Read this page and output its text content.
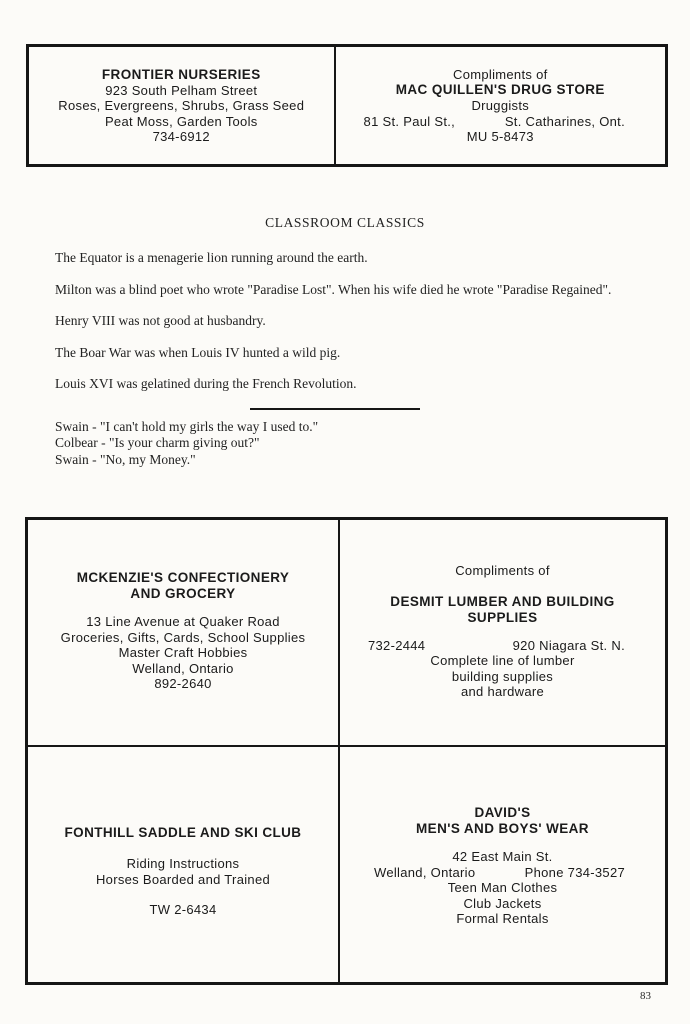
FRONTIER NURSERIES
923 South Pelham Street
Roses, Evergreens, Shrubs, Grass Seed
Peat Moss, Garden Tools
734-6912
Compliments of
MAC QUILLEN'S DRUG STORE
Druggists
81 St. Paul St.,	St. Catharines, Ont.
MU 5-8473
CLASSROOM CLASSICS

The Equator is a menagerie lion running around the earth.

Milton was a blind poet who wrote "Paradise Lost". When his wife died he wrote "Paradise Regained".

Henry VIII was not good at husbandry.

The Boar War was when Louis IV hunted a wild pig.

Louis XVI was gelatined during the French Revolution.

Swain - "I can't hold my girls the way I used to."
Colbear - "Is your charm giving out?"
Swain - "No, my Money."
MCKENZIE'S CONFECTIONERY
AND GROCERY
13 Line Avenue at Quaker Road
Groceries, Gifts, Cards, School Supplies
Master Craft Hobbies
Welland, Ontario
892-2640
Compliments of
DESMIT LUMBER AND BUILDING
SUPPLIES
732-2444	920 Niagara St. N.
Complete line of lumber
building supplies
and hardware
FONTHILL SADDLE AND SKI CLUB
Riding Instructions
Horses Boarded and Trained
TW 2-6434
DAVID'S
MEN'S AND BOYS' WEAR
42 East Main St.
Welland, Ontario	Phone 734-3527
Teen Man Clothes
Club Jackets
Formal Rentals
83
